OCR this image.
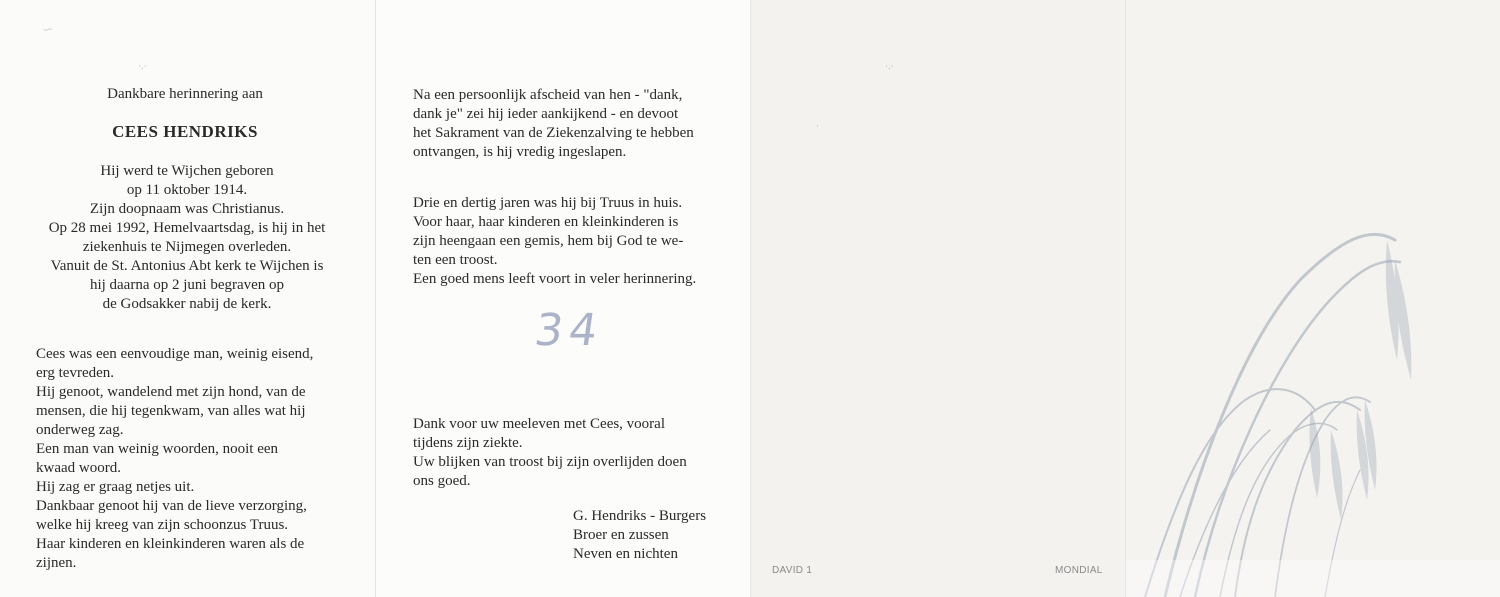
∽
·.·

Dankbare herinnering aan

CEES HENDRIKS

Hij werd te Wijchen geboren
op 11 oktober 1914.
Zijn doopnaam was Christianus.
Op 28 mei 1992, Hemelvaartsdag, is hij in het
ziekenhuis te Nijmegen overleden.
Vanuit de St. Antonius Abt kerk te Wijchen is
hij daarna op 2 juni begraven op
de Godsakker nabij de kerk.
Cees was een eenvoudige man, weinig eisend,
erg tevreden.
Hij genoot, wandelend met zijn hond, van de
mensen, die hij tegenkwam, van alles wat hij
onderweg zag.
Een man van weinig woorden, nooit een
kwaad woord.
Hij zag er graag netjes uit.
Dankbaar genoot hij van de lieve verzorging,
welke hij kreeg van zijn schoonzus Truus.
Haar kinderen en kleinkinderen waren als de
zijnen.
Na een persoonlijk afscheid van hen - "dank,
dank je" zei hij ieder aankijkend - en devoot
het Sakrament van de Ziekenzalving te hebben
ontvangen, is hij vredig ingeslapen.
Drie en dertig jaren was hij bij Truus in huis.
Voor haar, haar kinderen en kleinkinderen is
zijn heengaan een gemis, hem bij God te we-
ten een troost.
Een goed mens leeft voort in veler herinnering.
34
Dank voor uw meeleven met Cees, vooral
tijdens zijn ziekte.
Uw blijken van troost bij zijn overlijden doen
ons goed.
G. Hendriks - Burgers
Broer en zussen
Neven en nichten
·.·
·
DAVID 1	MONDIAL
